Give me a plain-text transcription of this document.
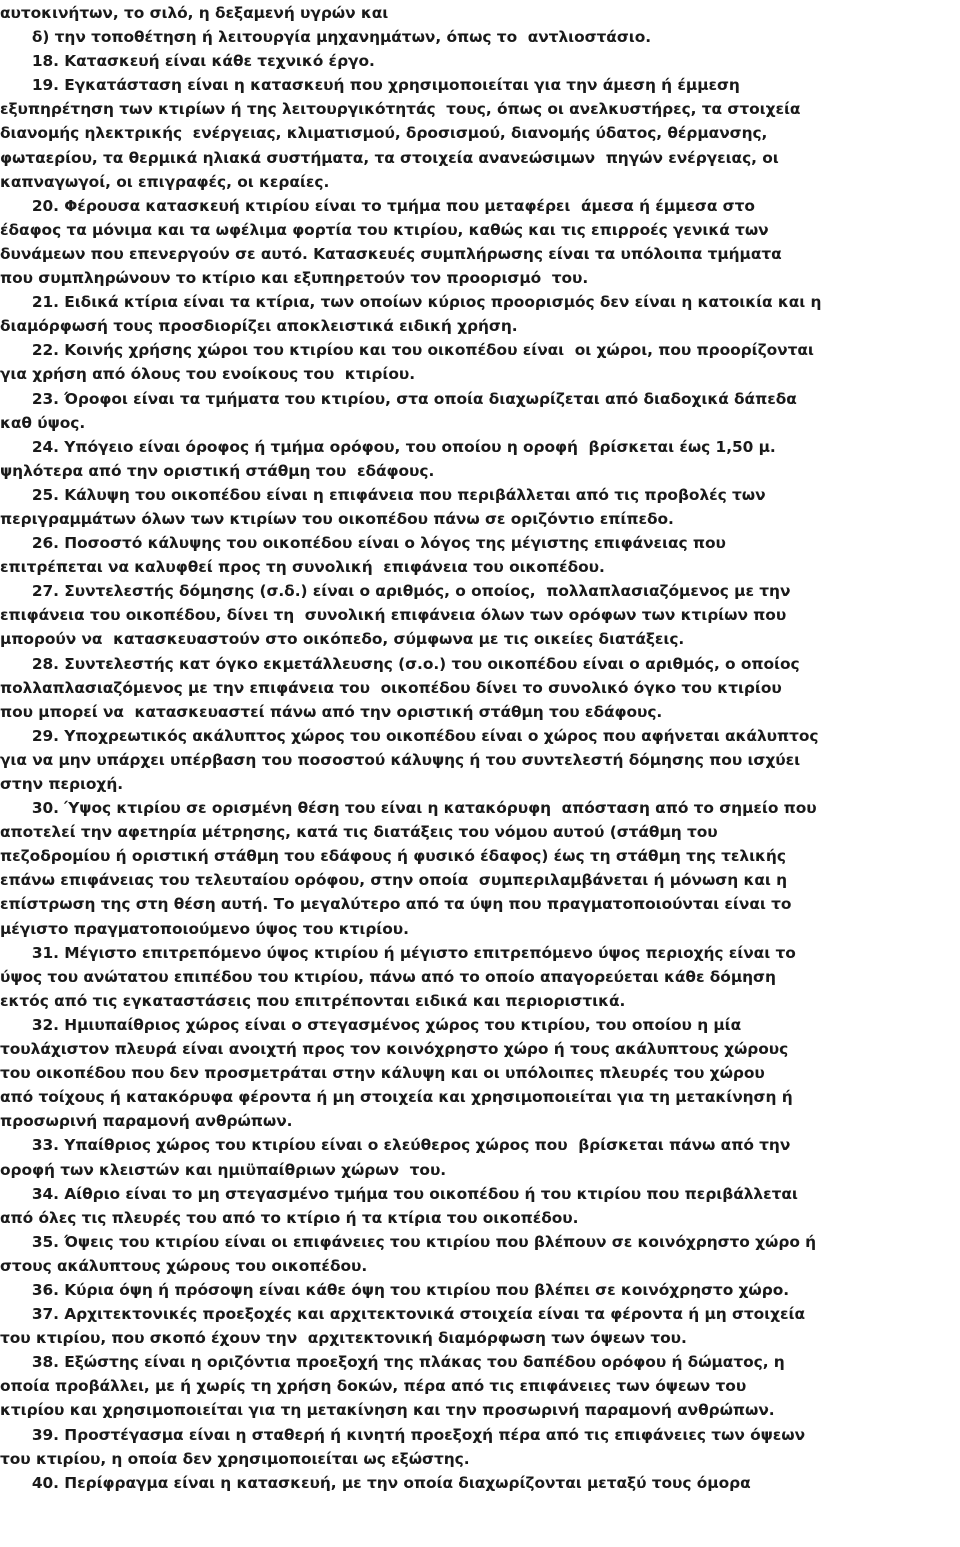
αυτοκινήτων, το σιλό, η δεξαμενή υγρών και
δ) την τοποθέτηση ή λειτουργία μηχανημάτων, όπως το  αντλιοστάσιο.
18. Κατασκευή είναι κάθε τεχνικό έργο.
19. Εγκατάσταση είναι η κατασκευή που χρησιμοποιείται για την άμεση ή έμμεση
εξυπηρέτηση των κτιρίων ή της λειτουργικότητάς  τους, όπως οι ανελκυστήρες, τα στοιχεία
διανομής ηλεκτρικής  ενέργειας, κλιματισμού, δροσισμού, διανομής ύδατος, θέρμανσης,
φωταερίου, τα θερμικά ηλιακά συστήματα, τα στοιχεία ανανεώσιμων  πηγών ενέργειας, οι
καπναγωγοί, οι επιγραφές, οι κεραίες.
20. Φέρουσα κατασκευή κτιρίου είναι το τμήμα που μεταφέρει  άμεσα ή έμμεσα στο
έδαφος τα μόνιμα και τα ωφέλιμα φορτία του κτιρίου, καθώς και τις επιρροές γενικά των
δυνάμεων που επενεργούν σε αυτό. Κατασκευές συμπλήρωσης είναι τα υπόλοιπα τμήματα
που συμπληρώνουν το κτίριο και εξυπηρετούν τον προορισμό  του.
21. Ειδικά κτίρια είναι τα κτίρια, των οποίων κύριος προορισμός δεν είναι η κατοικία και η
διαμόρφωσή τους προσδιορίζει αποκλειστικά ειδική χρήση.
22. Κοινής χρήσης χώροι του κτιρίου και του οικοπέδου είναι  οι χώροι, που προορίζονται
για χρήση από όλους του ενοίκους του  κτιρίου.
23. Όροφοι είναι τα τμήματα του κτιρίου, στα οποία διαχωρίζεται από διαδοχικά δάπεδα
καθ ύψος.
24. Υπόγειο είναι όροφος ή τμήμα ορόφου, του οποίου η οροφή  βρίσκεται έως 1,50 μ.
ψηλότερα από την οριστική στάθμη του  εδάφους.
25. Κάλυψη του οικοπέδου είναι η επιφάνεια που περιβάλλεται από τις προβολές των
περιγραμμάτων όλων των κτιρίων του οικοπέδου πάνω σε οριζόντιο επίπεδο.
26. Ποσοστό κάλυψης του οικοπέδου είναι ο λόγος της μέγιστης επιφάνειας που
επιτρέπεται να καλυφθεί προς τη συνολική  επιφάνεια του οικοπέδου.
27. Συντελεστής δόμησης (σ.δ.) είναι ο αριθμός, ο οποίος,  πολλαπλασιαζόμενος με την
επιφάνεια του οικοπέδου, δίνει τη  συνολική επιφάνεια όλων των ορόφων των κτιρίων που
μπορούν να  κατασκευαστούν στο οικόπεδο, σύμφωνα με τις οικείες διατάξεις.
28. Συντελεστής κατ όγκο εκμετάλλευσης (σ.ο.) του οικοπέδου είναι ο αριθμός, ο οποίος
πολλαπλασιαζόμενος με την επιφάνεια του  οικοπέδου δίνει το συνολικό όγκο του κτιρίου
που μπορεί να  κατασκευαστεί πάνω από την οριστική στάθμη του εδάφους.
29. Υποχρεωτικός ακάλυπτος χώρος του οικοπέδου είναι ο χώρος που αφήνεται ακάλυπτος
για να μην υπάρχει υπέρβαση του ποσοστού κάλυψης ή του συντελεστή δόμησης που ισχύει
στην περιοχή.
30. Ύψος κτιρίου σε ορισμένη θέση του είναι η κατακόρυφη  απόσταση από το σημείο που
αποτελεί την αφετηρία μέτρησης, κατά τις διατάξεις του νόμου αυτού (στάθμη του
πεζοδρομίου ή οριστική στάθμη του εδάφους ή φυσικό έδαφος) έως τη στάθμη της τελικής
επάνω επιφάνειας του τελευταίου ορόφου, στην οποία  συμπεριλαμβάνεται ή μόνωση και η
επίστρωση της στη θέση αυτή. Το μεγαλύτερο από τα ύψη που πραγματοποιούνται είναι το
μέγιστο πραγματοποιούμενο ύψος του κτιρίου.
31. Μέγιστο επιτρεπόμενο ύψος κτιρίου ή μέγιστο επιτρεπόμενο ύψος περιοχής είναι το
ύψος του ανώτατου επιπέδου του κτιρίου, πάνω από το οποίο απαγορεύεται κάθε δόμηση
εκτός από τις εγκαταστάσεις που επιτρέπονται ειδικά και περιοριστικά.
32. Ημιυπαίθριος χώρος είναι ο στεγασμένος χώρος του κτιρίου, του οποίου η μία
τουλάχιστον πλευρά είναι ανοιχτή προς τον κοινόχρηστο χώρο ή τους ακάλυπτους χώρους
του οικοπέδου που δεν προσμετράται στην κάλυψη και οι υπόλοιπες πλευρές του χώρου
από τοίχους ή κατακόρυφα φέροντα ή μη στοιχεία και χρησιμοποιείται για τη μετακίνηση ή
προσωρινή παραμονή ανθρώπων.
33. Υπαίθριος χώρος του κτιρίου είναι ο ελεύθερος χώρος που  βρίσκεται πάνω από την
οροφή των κλειστών και ημιϋπαίθριων χώρων  του.
34. Αίθριο είναι το μη στεγασμένο τμήμα του οικοπέδου ή του κτιρίου που περιβάλλεται
από όλες τις πλευρές του από το κτίριο ή τα κτίρια του οικοπέδου.
35. Όψεις του κτιρίου είναι οι επιφάνειες του κτιρίου που βλέπουν σε κοινόχρηστο χώρο ή
στους ακάλυπτους χώρους του οικοπέδου.
36. Κύρια όψη ή πρόσοψη είναι κάθε όψη του κτιρίου που βλέπει σε κοινόχρηστο χώρο.
37. Αρχιτεκτονικές προεξοχές και αρχιτεκτονικά στοιχεία είναι τα φέροντα ή μη στοιχεία
του κτιρίου, που σκοπό έχουν την  αρχιτεκτονική διαμόρφωση των όψεων του.
38. Εξώστης είναι η οριζόντια προεξοχή της πλάκας του δαπέδου ορόφου ή δώματος, η
οποία προβάλλει, με ή χωρίς τη χρήση δοκών, πέρα από τις επιφάνειες των όψεων του
κτιρίου και χρησιμοποιείται για τη μετακίνηση και την προσωρινή παραμονή ανθρώπων.
39. Προστέγασμα είναι η σταθερή ή κινητή προεξοχή πέρα από τις επιφάνειες των όψεων
του κτιρίου, η οποία δεν χρησιμοποιείται ως εξώστης.
40. Περίφραγμα είναι η κατασκευή, με την οποία διαχωρίζονται μεταξύ τους όμορα
